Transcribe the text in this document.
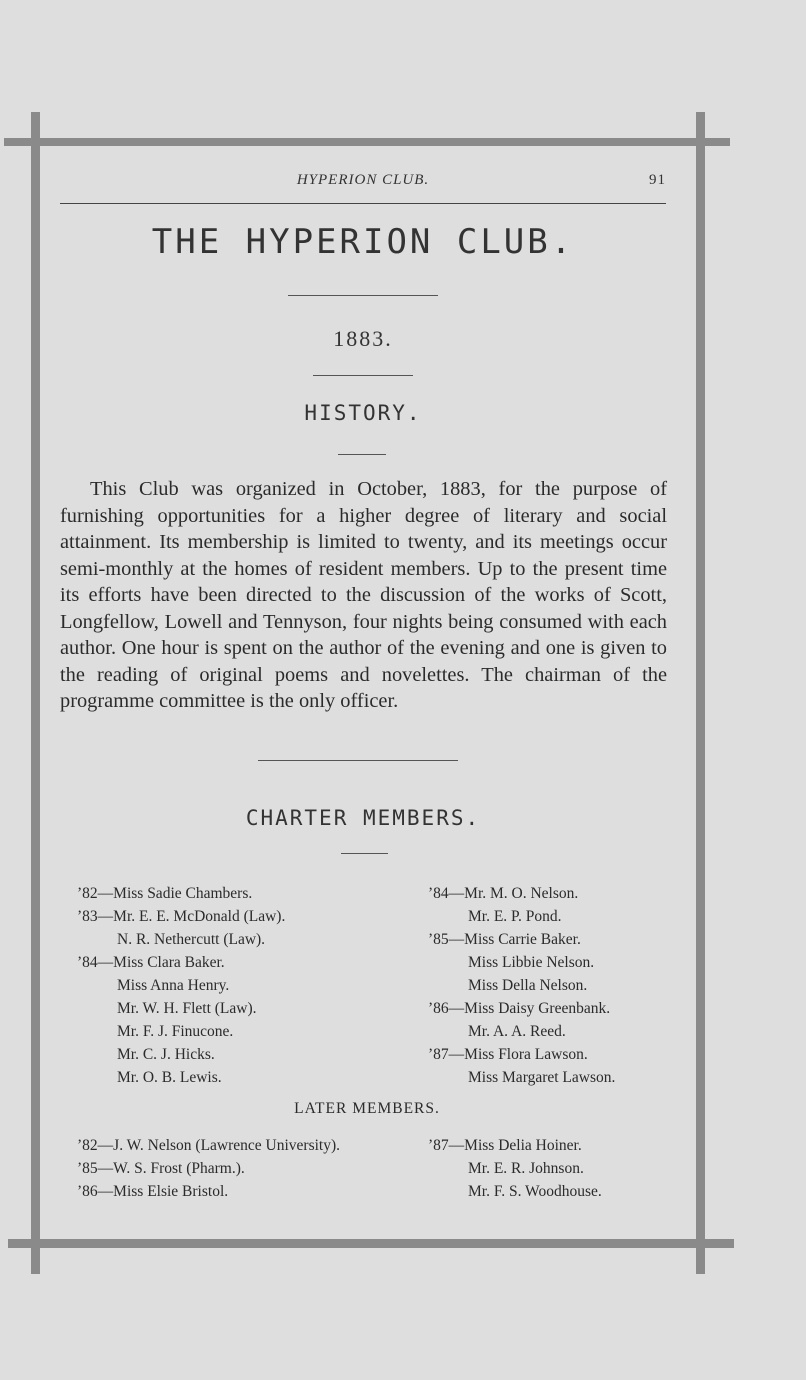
HYPERION CLUB.	91
THE HYPERION CLUB.
1883.
HISTORY.

This Club was organized in October, 1883, for the purpose of furnishing opportunities for a higher degree of literary and social attainment. Its membership is limited to twenty, and its meetings occur semi-monthly at the homes of resident members. Up to the present time its efforts have been directed to the discussion of the works of Scott, Longfellow, Lowell and Tennyson, four nights being consumed with each author. One hour is spent on the author of the evening and one is given to the reading of original poems and novelettes. The chairman of the programme committee is the only officer.

CHARTER MEMBERS.
’82—Miss Sadie Chambers.
’83—Mr. E. E. McDonald (Law).
N. R. Nethercutt (Law).
’84—Miss Clara Baker.
Miss Anna Henry.
Mr. W. H. Flett (Law).
Mr. F. J. Finucone.
Mr. C. J. Hicks.
Mr. O. B. Lewis.
’84—Mr. M. O. Nelson.
Mr. E. P. Pond.
’85—Miss Carrie Baker.
Miss Libbie Nelson.
Miss Della Nelson.
’86—Miss Daisy Greenbank.
Mr. A. A. Reed.
’87—Miss Flora Lawson.
Miss Margaret Lawson.
LATER MEMBERS.
’82—J. W. Nelson (Lawrence University).
’85—W. S. Frost (Pharm.).
’86—Miss Elsie Bristol.
’87—Miss Delia Hoiner.
Mr. E. R. Johnson.
Mr. F. S. Woodhouse.
